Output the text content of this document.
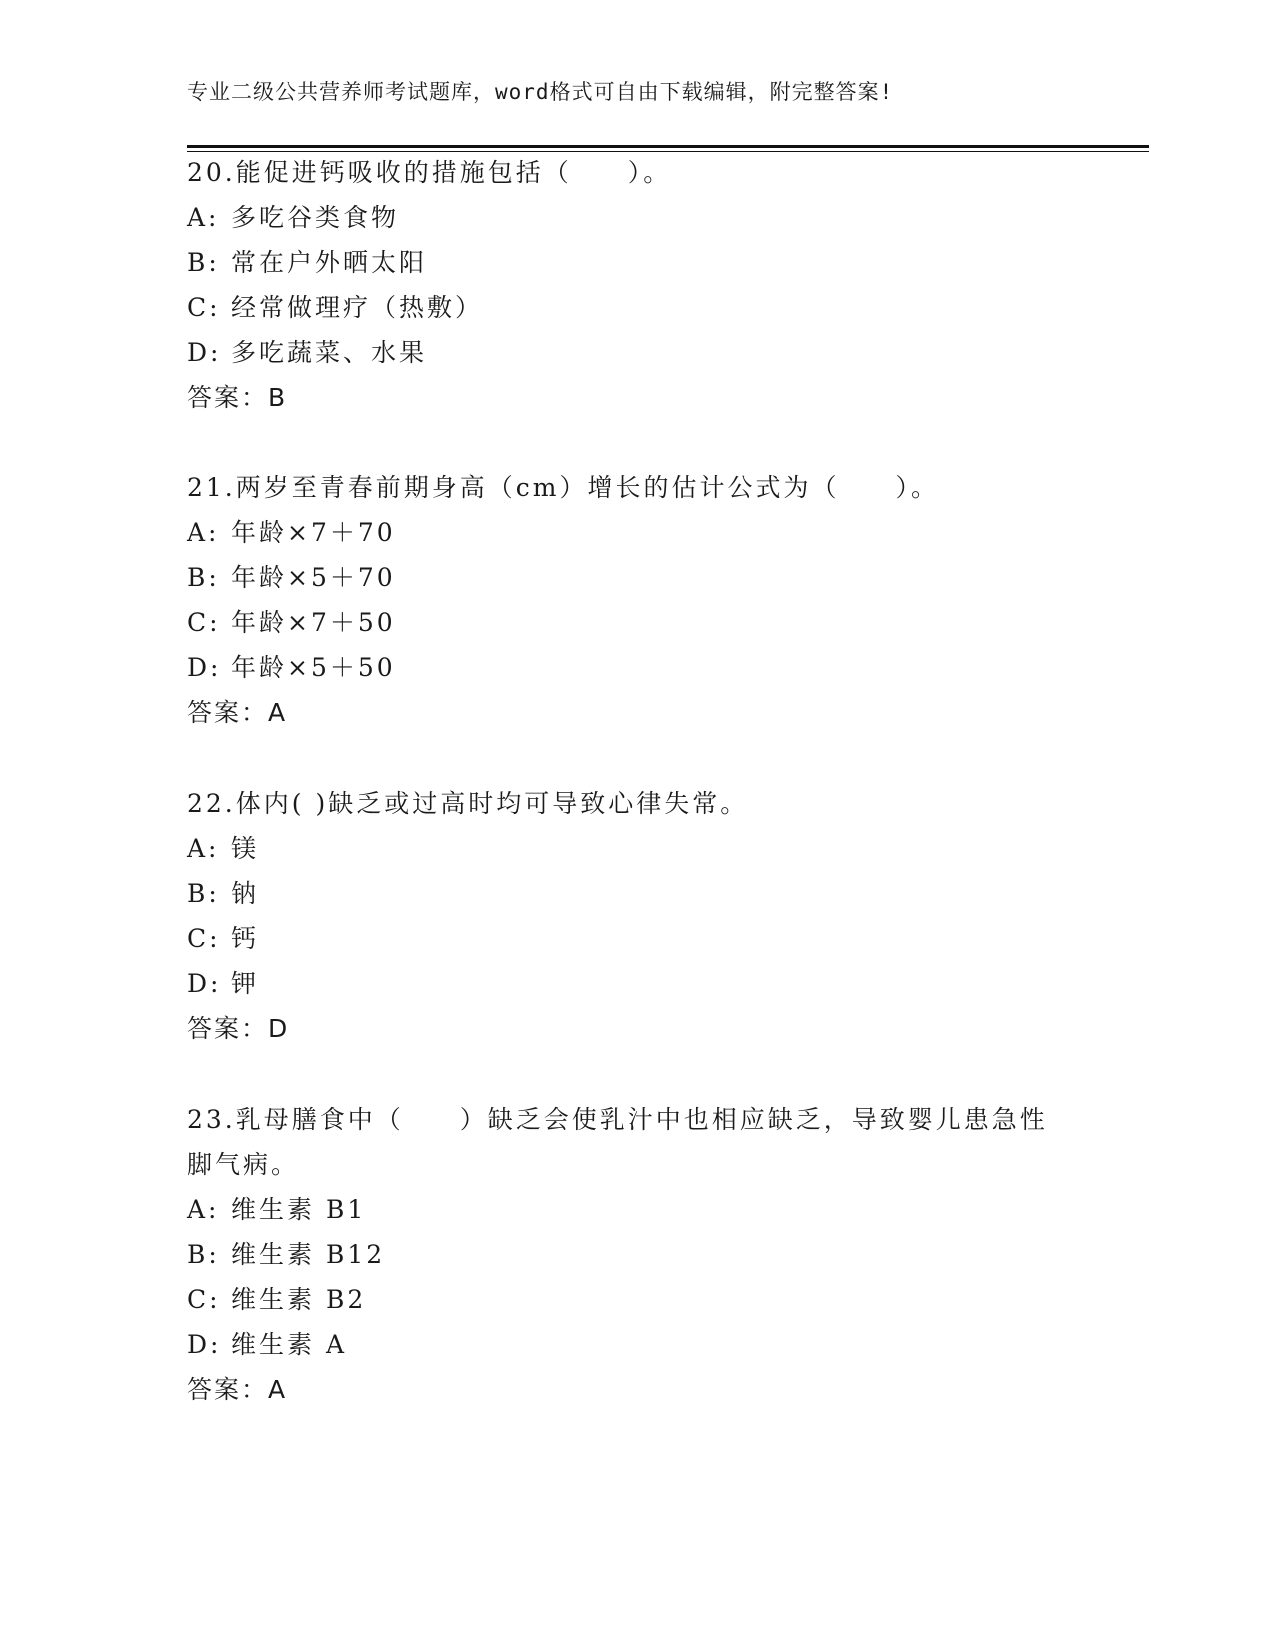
专业二级公共营养师考试题库，word格式可自由下载编辑，附完整答案!
20.能促进钙吸收的措施包括（　　）。
A: 多吃谷类食物
B: 常在户外晒太阳
C: 经常做理疗（热敷）
D: 多吃蔬菜、水果
答案：B
21.两岁至青春前期身高（cm）增长的估计公式为（　　）。
A: 年龄×7＋70
B: 年龄×5＋70
C: 年龄×7＋50
D: 年龄×5＋50
答案：A
22.体内( )缺乏或过高时均可导致心律失常。
A: 镁
B: 钠
C: 钙
D: 钾
答案：D
23.乳母膳食中（　　）缺乏会使乳汁中也相应缺乏，导致婴儿患急性
脚气病。
A: 维生素 B1
B: 维生素 B12
C: 维生素 B2
D: 维生素 A
答案：A
